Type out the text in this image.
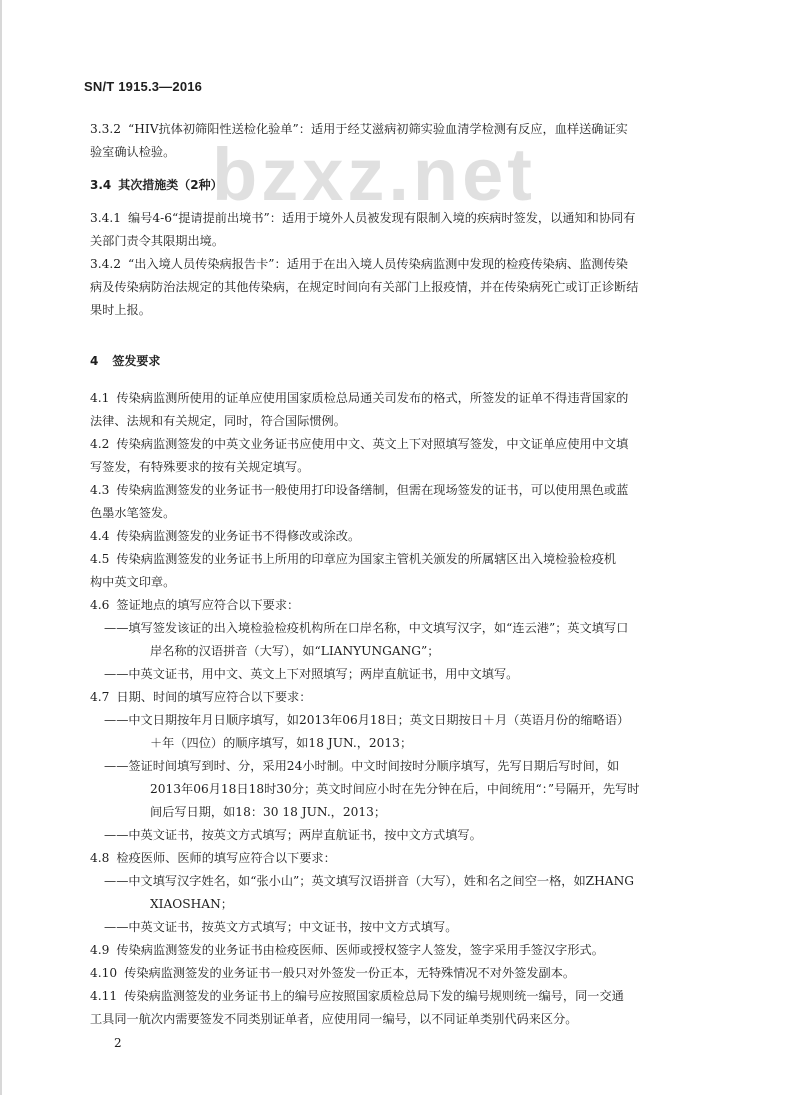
SN/T 1915.3—2016
bzxz.net
3.3.2 “HIV抗体初筛阳性送检化验单”：适用于经艾滋病初筛实验血清学检测有反应，血样送确证实
验室确认检验。
3.4 其次措施类（2种）
3.4.1 编号4-6“提请提前出境书”：适用于境外人员被发现有限制入境的疾病时签发，以通知和协同有
关部门责令其限期出境。
3.4.2 “出入境人员传染病报告卡”：适用于在出入境人员传染病监测中发现的检疫传染病、监测传染
病及传染病防治法规定的其他传染病，在规定时间向有关部门上报疫情，并在传染病死亡或订正诊断结
果时上报。
4 签发要求
4.1 传染病监测所使用的证单应使用国家质检总局通关司发布的格式，所签发的证单不得违背国家的
法律、法规和有关规定，同时，符合国际惯例。
4.2 传染病监测签发的中英文业务证书应使用中文、英文上下对照填写签发，中文证单应使用中文填
写签发，有特殊要求的按有关规定填写。
4.3 传染病监测签发的业务证书一般使用打印设备缮制，但需在现场签发的证书，可以使用黑色或蓝
色墨水笔签发。
4.4 传染病监测签发的业务证书不得修改或涂改。
4.5 传染病监测签发的业务证书上所用的印章应为国家主管机关颁发的所属辖区出入境检验检疫机
构中英文印章。
4.6 签证地点的填写应符合以下要求：
——填写签发该证的出入境检验检疫机构所在口岸名称，中文填写汉字，如“连云港”；英文填写口
岸名称的汉语拼音（大写），如“LIANYUNGANG”；
——中英文证书，用中文、英文上下对照填写；两岸直航证书，用中文填写。
4.7 日期、时间的填写应符合以下要求：
——中文日期按年月日顺序填写，如2013年06月18日；英文日期按日＋月（英语月份的缩略语）
＋年（四位）的顺序填写，如18 JUN.，2013；
——签证时间填写到时、分，采用24小时制。中文时间按时分顺序填写，先写日期后写时间，如
2013年06月18日18时30分；英文时间应小时在先分钟在后，中间统用“：”号隔开，先写时
间后写日期，如18：30 18 JUN.，2013；
——中英文证书，按英文方式填写；两岸直航证书，按中文方式填写。
4.8 检疫医师、医师的填写应符合以下要求：
——中文填写汉字姓名，如“张小山”；英文填写汉语拼音（大写），姓和名之间空一格，如ZHANG
XIAOSHAN；
——中英文证书，按英文方式填写；中文证书，按中文方式填写。
4.9 传染病监测签发的业务证书由检疫医师、医师或授权签字人签发，签字采用手签汉字形式。
4.10 传染病监测签发的业务证书一般只对外签发一份正本，无特殊情况不对外签发副本。
4.11 传染病监测签发的业务证书上的编号应按照国家质检总局下发的编号规则统一编号，同一交通
工具同一航次内需要签发不同类别证单者，应使用同一编号，以不同证单类别代码来区分。
2
